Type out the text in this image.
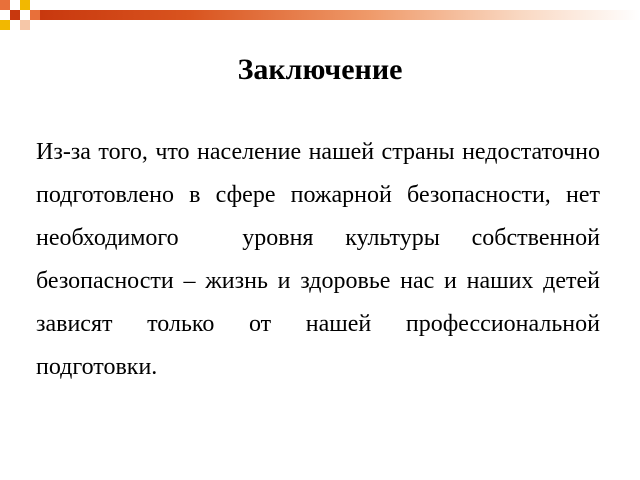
Заключение

Из-за того, что население нашей страны недостаточно подготовлено в сфере пожарной безопасности, нет необходимого  уровня культуры собственной безопасности – жизнь и здоровье нас и наших детей зависят только от нашей профессиональной подготовки.
